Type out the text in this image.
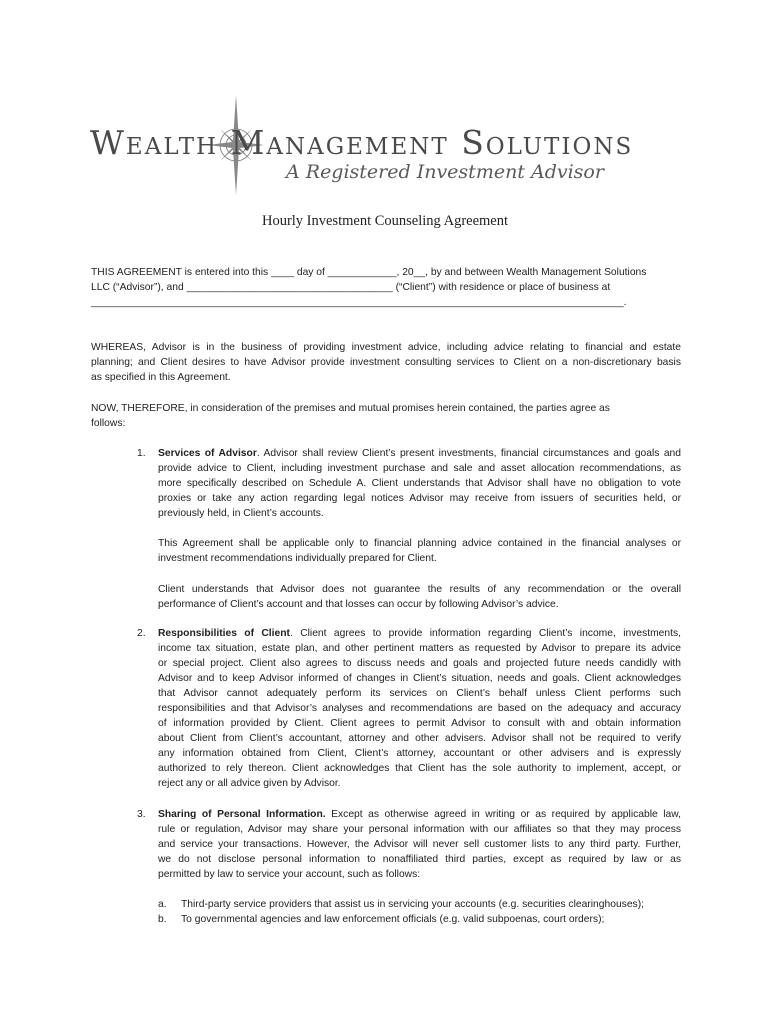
Wealth Management Solutions
A Registered Investment Advisor
Hourly Investment Counseling Agreement
THIS AGREEMENT is entered into this ____ day of ____________, 20__, by and between Wealth Management Solutions
LLC (“Advisor”), and ____________________________________ (“Client”) with residence or place of business at
_____________________________________________________________________________________________.
WHEREAS, Advisor is in the business of providing investment advice, including advice relating to financial and estate
planning; and Client desires to have Advisor provide investment consulting services to Client on a non-discretionary basis
as specified in this Agreement.
NOW, THEREFORE, in consideration of the premises and mutual promises herein contained, the parties agree as
follows:
1. Services of Advisor. Advisor shall review Client’s present investments, financial circumstances and goals and
provide advice to Client, including investment purchase and sale and asset allocation recommendations, as
more specifically described on Schedule A. Client understands that Advisor shall have no obligation to vote
proxies or take any action regarding legal notices Advisor may receive from issuers of securities held, or
previously held, in Client’s accounts.
This Agreement shall be applicable only to financial planning advice contained in the financial analyses or
investment recommendations individually prepared for Client.
Client understands that Advisor does not guarantee the results of any recommendation or the overall
performance of Client’s account and that losses can occur by following Advisor’s advice.
2. Responsibilities of Client. Client agrees to provide information regarding Client’s income, investments,
income tax situation, estate plan, and other pertinent matters as requested by Advisor to prepare its advice
or special project. Client also agrees to discuss needs and goals and projected future needs candidly with
Advisor and to keep Advisor informed of changes in Client’s situation, needs and goals. Client acknowledges
that Advisor cannot adequately perform its services on Client’s behalf unless Client performs such
responsibilities and that Advisor’s analyses and recommendations are based on the adequacy and accuracy
of information provided by Client. Client agrees to permit Advisor to consult with and obtain information
about Client from Client’s accountant, attorney and other advisers. Advisor shall not be required to verify
any information obtained from Client, Client’s attorney, accountant or other advisers and is expressly
authorized to rely thereon. Client acknowledges that Client has the sole authority to implement, accept, or
reject any or all advice given by Advisor.
3. Sharing of Personal Information. Except as otherwise agreed in writing or as required by applicable law,
rule or regulation, Advisor may share your personal information with our affiliates so that they may process
and service your transactions. However, the Advisor will never sell customer lists to any third party. Further,
we do not disclose personal information to nonaffiliated third parties, except as required by law or as
permitted by law to service your account, such as follows:
a. Third-party service providers that assist us in servicing your accounts (e.g. securities clearinghouses);
b. To governmental agencies and law enforcement officials (e.g. valid subpoenas, court orders);
